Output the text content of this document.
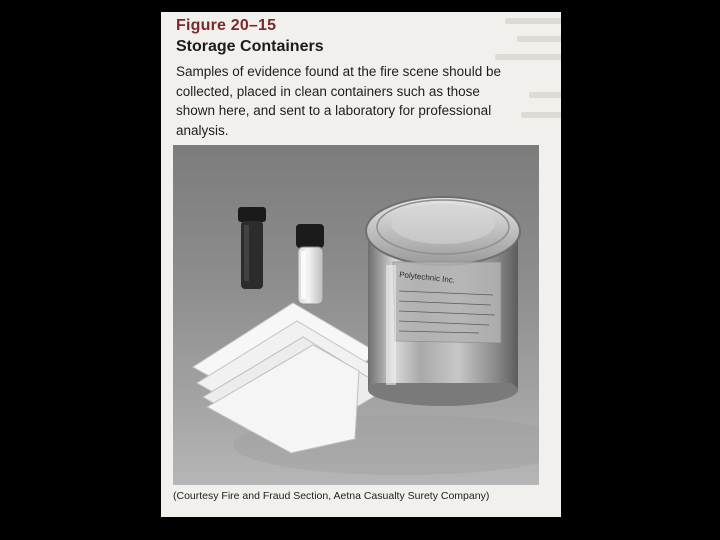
Figure 20–15
Storage Containers
Samples of evidence found at the fire scene should be
collected, placed in clean containers such as those
shown here, and sent to a laboratory for professional
analysis.
Polytechnic Inc.
(Courtesy Fire and Fraud Section, Aetna Casualty Surety Company)
